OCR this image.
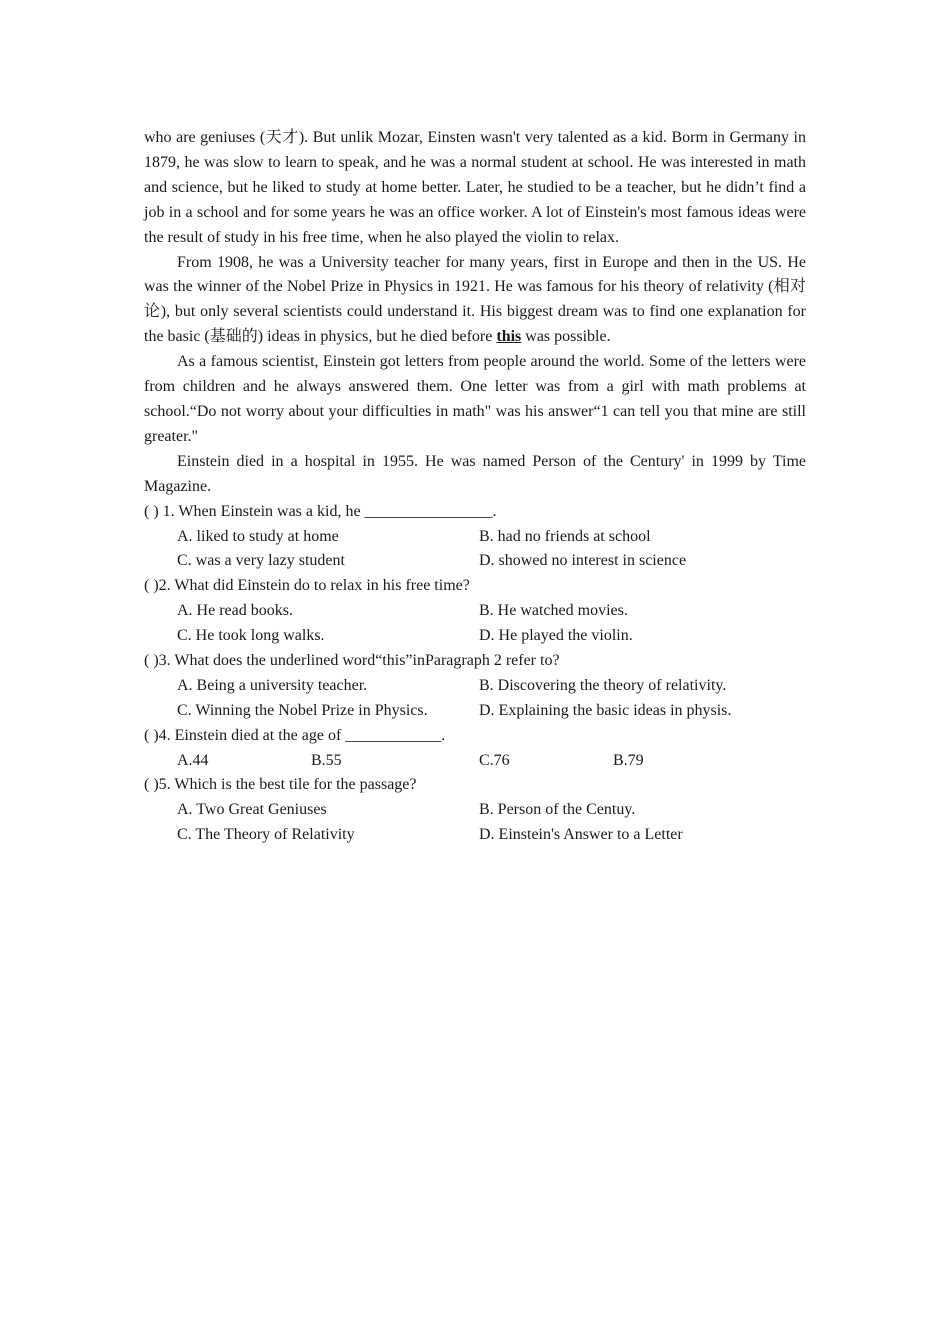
who are geniuses (天才). But unlik Mozar, Einsten wasn't very talented as a kid. Borm in Germany in 1879, he was slow to learn to speak, and he was a normal student at school. He was interested in math and science, but he liked to study at home better. Later, he studied to be a teacher, but he didn’t find a job in a school and for some years he was an office worker. A lot of Einstein's most famous ideas were the result of study in his free time, when he also played the violin to relax.

From 1908, he was a University teacher for many years, first in Europe and then in the US. He was the winner of the Nobel Prize in Physics in 1921. He was famous for his theory of relativity (相对论), but only several scientists could understand it. His biggest dream was to find one explanation for the basic (基础的) ideas in physics, but he died before this was possible.

As a famous scientist, Einstein got letters from people around the world. Some of the letters were from children and he always answered them. One letter was from a girl with math problems at school.“Do not worry about your difficulties in math" was his answer“1 can tell you that mine are still greater."

Einstein died in a hospital in 1955. He was named Person of the Century' in 1999 by Time Magazine.

( ) 1. When Einstein was a kid, he ________________.

A. liked to study at home	B. had no friends at school
C. was a very lazy student	D. showed no interest in science

( )2. What did Einstein do to relax in his free time?

A. He read books.	B. He watched movies.
C. He took long walks.	D. He played the violin.

( )3. What does the underlined word“this”inParagraph 2 refer to?

A. Being a university teacher.	B. Discovering the theory of relativity.
C. Winning the Nobel Prize in Physics.	D. Explaining the basic ideas in physis.

( )4. Einstein died at the age of ____________.

A.44	B.55	C.76	B.79

( )5. Which is the best tile for the passage?

A. Two Great Geniuses	B. Person of the Centuy.
C. The Theory of Relativity	D. Einstein's Answer to a Letter
